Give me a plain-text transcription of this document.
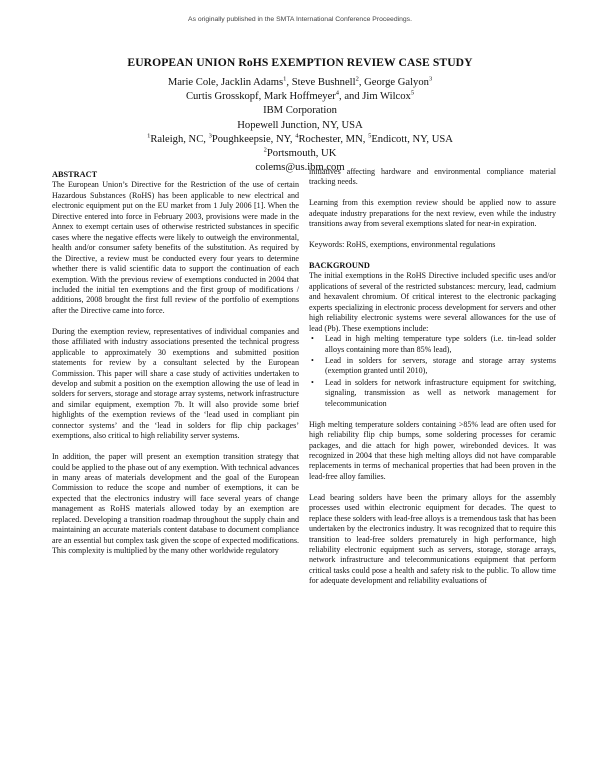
As originally published in the SMTA International Conference Proceedings.
EUROPEAN UNION RoHS EXEMPTION REVIEW CASE STUDY
Marie Cole, Jacklin Adams$^1$, Steve Bushnell$^2$, George Galyon$^3$
Curtis Grosskopf, Mark Hoffmeyer$^4$, and Jim Wilcox$^5$
IBM Corporation
Hopewell Junction, NY, USA
$^1$Raleigh, NC, $^3$Poughkeepsie, NY, $^4$Rochester, MN, $^5$Endicott, NY, USA
$^2$Portsmouth, UK
colems@us.ibm.com
ABSTRACT

The European Union’s Directive for the Restriction of the use of certain Hazardous Substances (RoHS) has been applicable to new electrical and electronic equipment put on the EU market from 1 July 2006 [1]. When the Directive entered into force in February 2003, provisions were made in the Annex to exempt certain uses of otherwise restricted substances in specific cases where the negative effects were likely to outweigh the environmental, health and/or consumer safety benefits of the substitution. As required by the Directive, a review must be conducted every four years to determine whether there is valid scientific data to support the continuation of each exemption. With the previous review of exemptions conducted in 2004 that included the initial ten exemptions and the first group of modifications / additions, 2008 brought the first full review of the portfolio of exemptions after the Directive came into force.

During the exemption review, representatives of individual companies and those affiliated with industry associations presented the technical progress applicable to approximately 30 exemptions and submitted position statements for review by a consultant selected by the European Commission. This paper will share a case study of activities undertaken to develop and submit a position on the exemption allowing the use of lead in solders for servers, storage and storage array systems, network infrastructure and similar equipment, exemption 7b. It will also provide some brief highlights of the exemption reviews of the ‘lead used in compliant pin connector systems’ and the ‘lead in solders for flip chip packages’ exemptions, also critical to high reliability server systems.

In addition, the paper will present an exemption transition strategy that could be applied to the phase out of any exemption. With technical advances in many areas of materials development and the goal of the European Commission to reduce the scope and number of exemptions, it can be expected that the electronics industry will face several years of change management as RoHS materials allowed today by an exemption are replaced. Developing a transition roadmap throughout the supply chain and maintaining an accurate materials content database to document compliance are an essential but complex task given the scope of expected modifications. This complexity is multiplied by the many other worldwide regulatory

initiatives affecting hardware and environmental compliance material tracking needs.

Learning from this exemption review should be applied now to assure adequate industry preparations for the next review, even while the industry transitions away from several exemptions slated for near-in expiration.

Keywords: RoHS, exemptions, environmental regulations

BACKGROUND

The initial exemptions in the RoHS Directive included specific uses and/or applications of several of the restricted substances: mercury, lead, cadmium and hexavalent chromium. Of critical interest to the electronic packaging experts specializing in electronic process development for servers and other high reliability electronic systems were several allowances for the use of lead (Pb). These exemptions include:

• Lead in high melting temperature type solders (i.e. tin-lead solder alloys containing more than 85% lead),
• Lead in solders for servers, storage and storage array systems (exemption granted until 2010),
• Lead in solders for network infrastructure equipment for switching, signaling, transmission as well as network management for telecommunication

High melting temperature solders containing >85% lead are often used for high reliability flip chip bumps, some soldering processes for ceramic packages, and die attach for high power, wirebonded devices. It was recognized in 2004 that these high melting alloys did not have comparable replacements in terms of mechanical properties that had been proven in the lead-free alloy families.

Lead bearing solders have been the primary alloys for the assembly processes used within electronic equipment for decades. The quest to replace these solders with lead-free alloys is a tremendous task that has been undertaken by the electronics industry. It was recognized that to require this transition to lead-free solders prematurely in high performance, high reliability electronic equipment such as servers, storage, storage arrays, network infrastructure and telecommunications equipment that perform critical tasks could pose a health and safety risk to the public. To allow time for adequate development and reliability evaluations of
